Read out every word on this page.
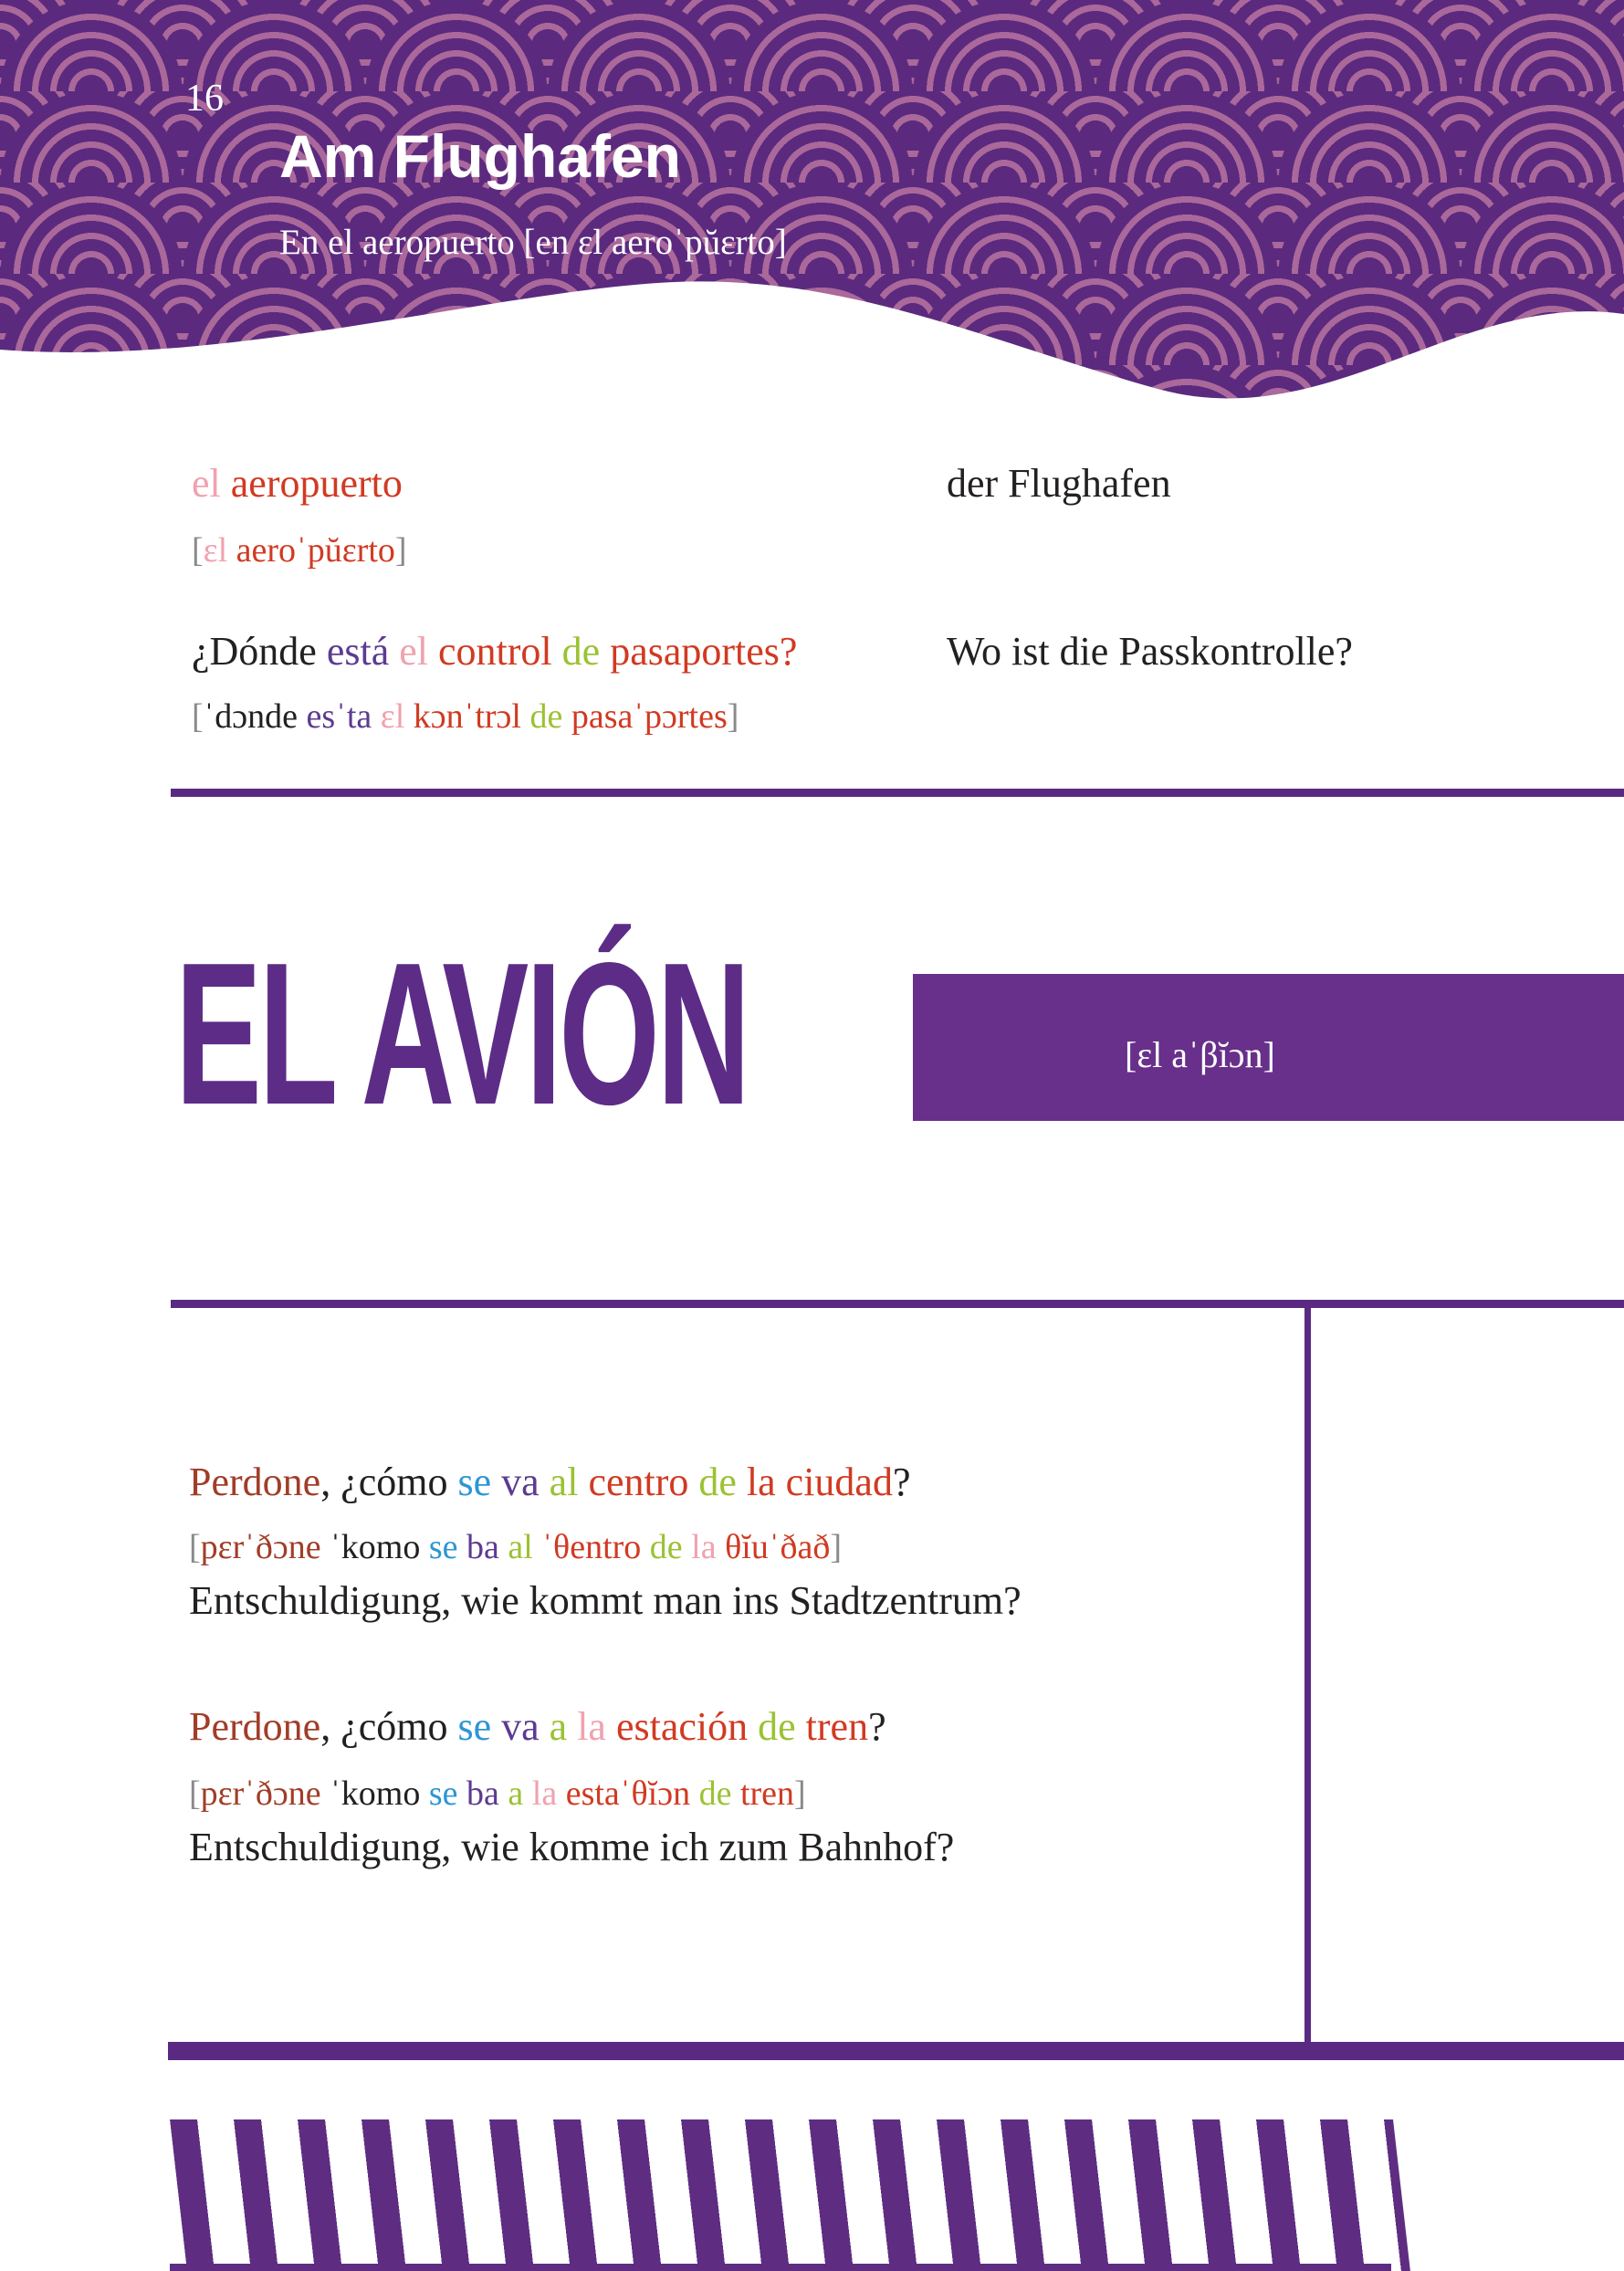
16
Am Flughafen
En el aeropuerto [en ɛl aeroˈpŭɛrto]
el aeropuerto
[ɛl aeroˈpŭɛrto]
der Flughafen
¿Dónde está el control de pasaportes?
[ˈdɔnde esˈta ɛl kɔnˈtrɔl de pasaˈpɔrtes]
Wo ist die Passkontrolle?
EL AVIÓN	[ɛl aˈβĭɔn]
Perdone, ¿cómo se va al centro de la ciudad?
[pɛrˈðɔne ˈkomo se ba al ˈθentro de la θĭuˈðað]
Entschuldigung, wie kommt man ins Stadtzentrum?
Perdone, ¿cómo se va a la estación de tren?
[pɛrˈðɔne ˈkomo se ba a la estaˈθĭɔn de tren]
Entschuldigung, wie komme ich zum Bahnhof?
